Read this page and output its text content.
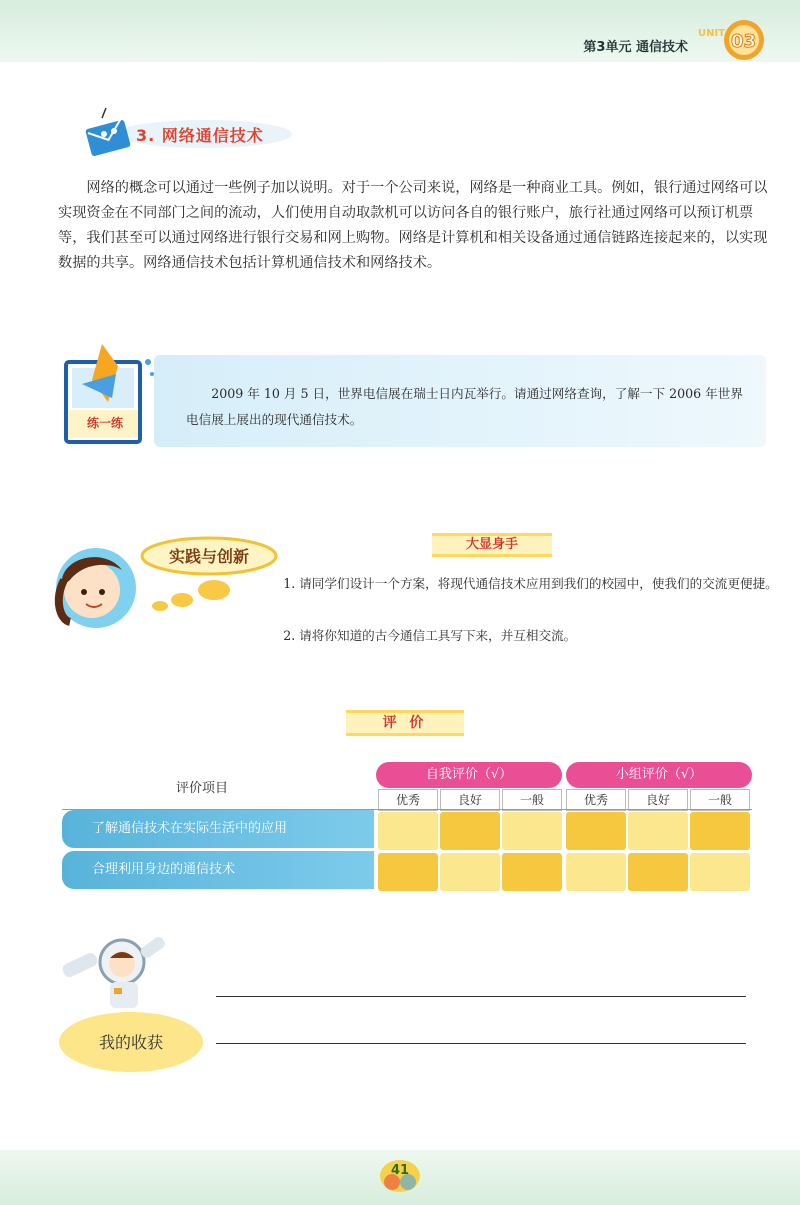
第3单元 通信技术
UNIT 03
3. 网络通信技术

网络的概念可以通过一些例子加以说明。对于一个公司来说，网络是一种商业工具。例如，银行通过网络可以实现资金在不同部门之间的流动，人们使用自动取款机可以访问各自的银行账户，旅行社通过网络可以预订机票等，我们甚至可以通过网络进行银行交易和网上购物。网络是计算机和相关设备通过通信链路连接起来的，以实现数据的共享。网络通信技术包括计算机通信技术和网络技术。

练一练

2009 年 10 月 5 日，世界电信展在瑞士日内瓦举行。请通过网络查询，了解一下 2006 年世界电信展上展出的现代通信技术。

实践与创新
大显身手

1. 请同学们设计一个方案，将现代通信技术应用到我们的校园中，使我们的交流更便捷。

2. 请将你知道的古今通信工具写下来，并互相交流。

评 价
评价项目
自我评价（√）	小组评价（√）
优秀	良好	一般	优秀	良好	一般
了解通信技术在实际生活中的应用
合理利用身边的通信技术
我的收获
41
